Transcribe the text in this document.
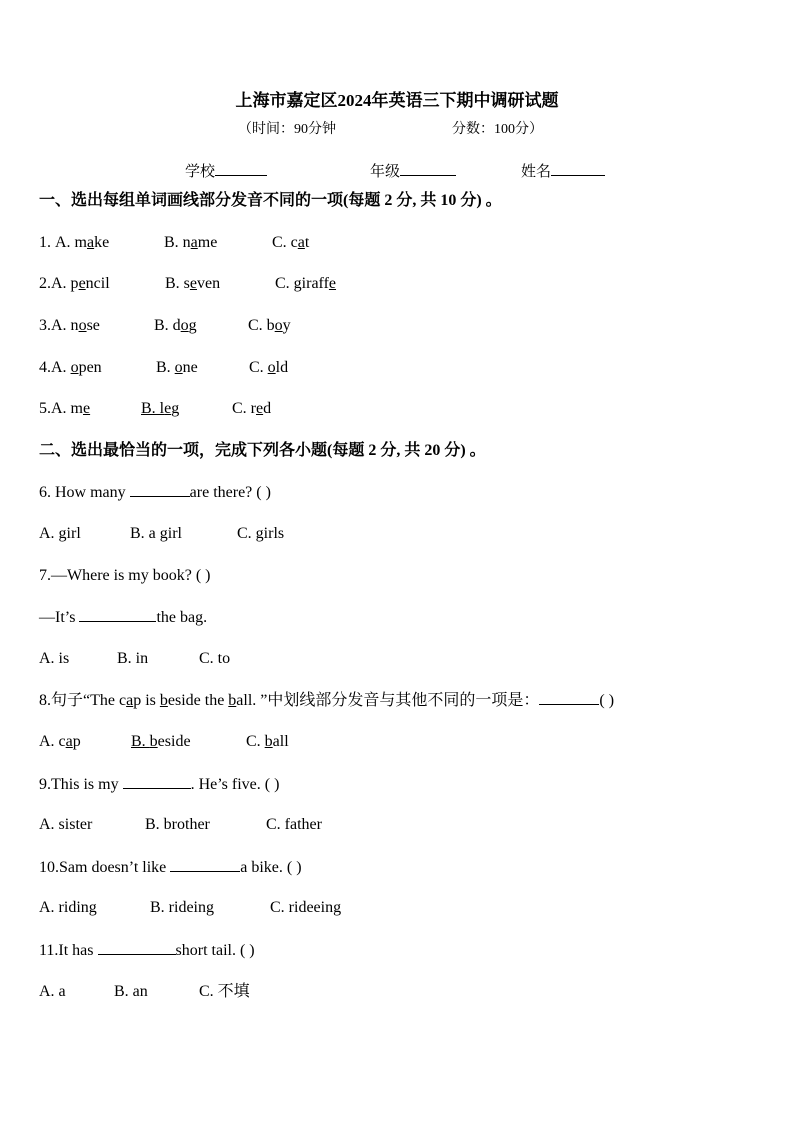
上海市嘉定区2024年英语三下期中调研试题
（时间：90分钟	分数：100分）
学校	年级	姓名
一、选出每组单词画线部分发音不同的一项(每题 2 分, 共 10 分) 。
1. A. make	B. name	C. cat
2.A. pencil	B. seven	C. giraffe
3.A. nose	B. dog	C. boy
4.A. open	B. one	C. old
5.A. me	B. leg	C. red
二、选出最恰当的一项，完成下列各小题(每题 2 分, 共 20 分) 。
6. How many	are there? ( )
A. girl	B. a girl	C. girls
7.—Where is my book? ( )
—It’s	the bag.
A. is	B. in	C. to
8.句子“The cap is beside the ball. ”中划线部分发音与其他不同的一项是：	( )
A. cap	B. beside	C. ball
9.This is my	. He’s five. ( )
A. sister	B. brother	C. father
10.Sam doesn’t like	a bike. ( )
A. riding	B. rideing	C. rideeing
11.It has	short tail. ( )
A. a	B. an	C. 不填
